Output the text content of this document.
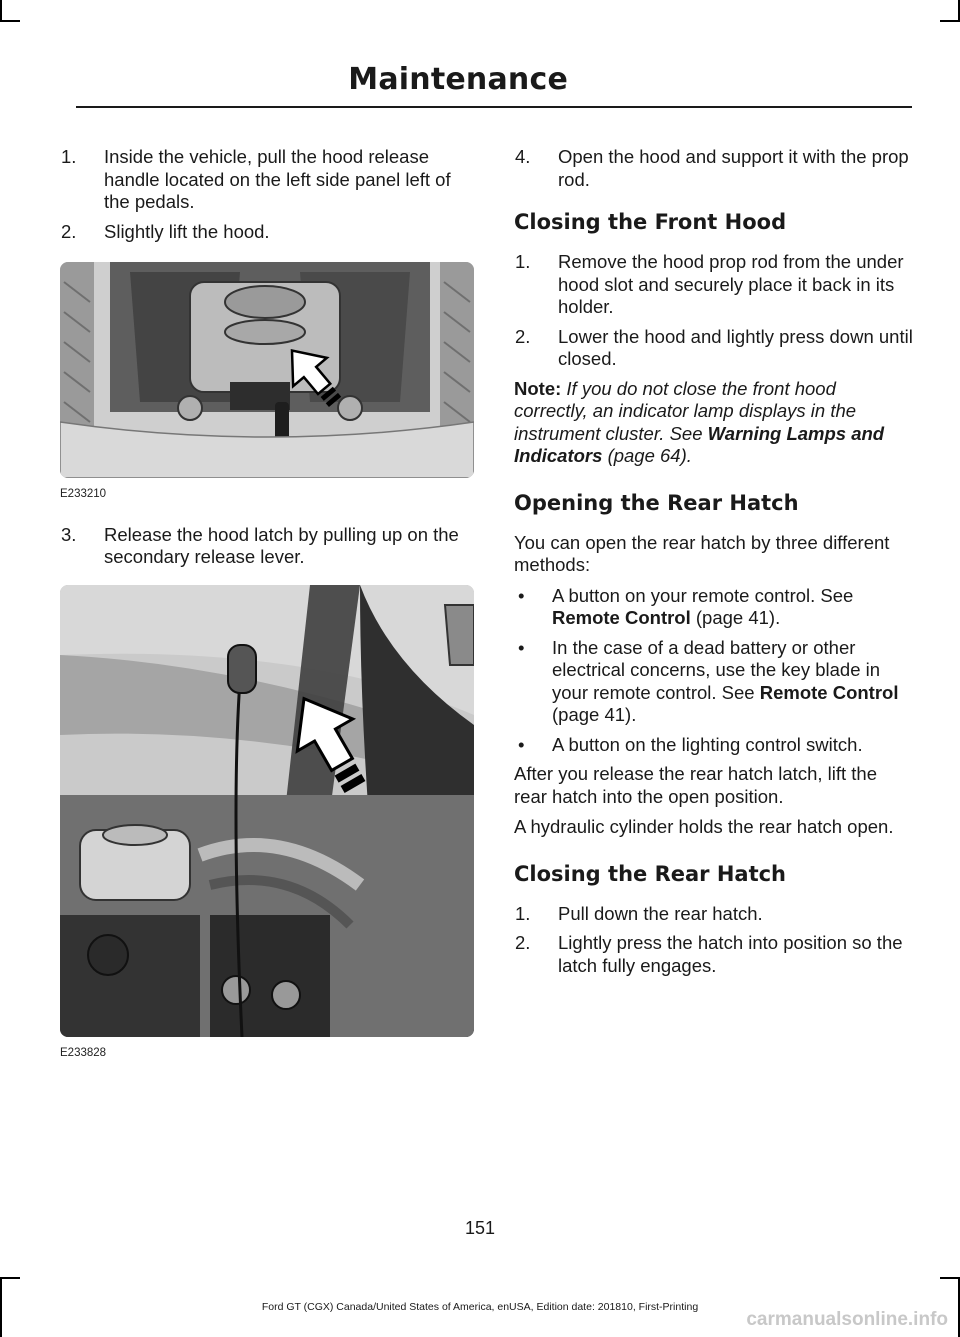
Maintenance
1.	Inside the vehicle, pull the hood release handle located on the left side panel left of the pedals.
2.	Slightly lift the hood.
E233210
3.	Release the hood latch by pulling up on the secondary release lever.
E233828
4.	Open the hood and support it with the prop rod.
Closing the Front Hood
1.	Remove the hood prop rod from the under hood slot and securely place it back in its holder.
2.	Lower the hood and lightly press down until closed.

Note: If you do not close the front hood correctly, an indicator lamp displays in the instrument cluster. See Warning Lamps and Indicators (page 64).

Opening the Rear Hatch

You can open the rear hatch by three different methods:

•	A button on your remote control. See Remote Control (page 41).
•	In the case of a dead battery or other electrical concerns, use the key blade in your remote control. See Remote Control (page 41).
•	A button on the lighting control switch.

After you release the rear hatch latch, lift the rear hatch into the open position.

A hydraulic cylinder holds the rear hatch open.

Closing the Rear Hatch
1.	Pull down the rear hatch.
2.	Lightly press the hatch into position so the latch fully engages.
151
Ford GT (CGX) Canada/United States of America, enUSA, Edition date: 201810, First-Printing
carmanualsonline.info
